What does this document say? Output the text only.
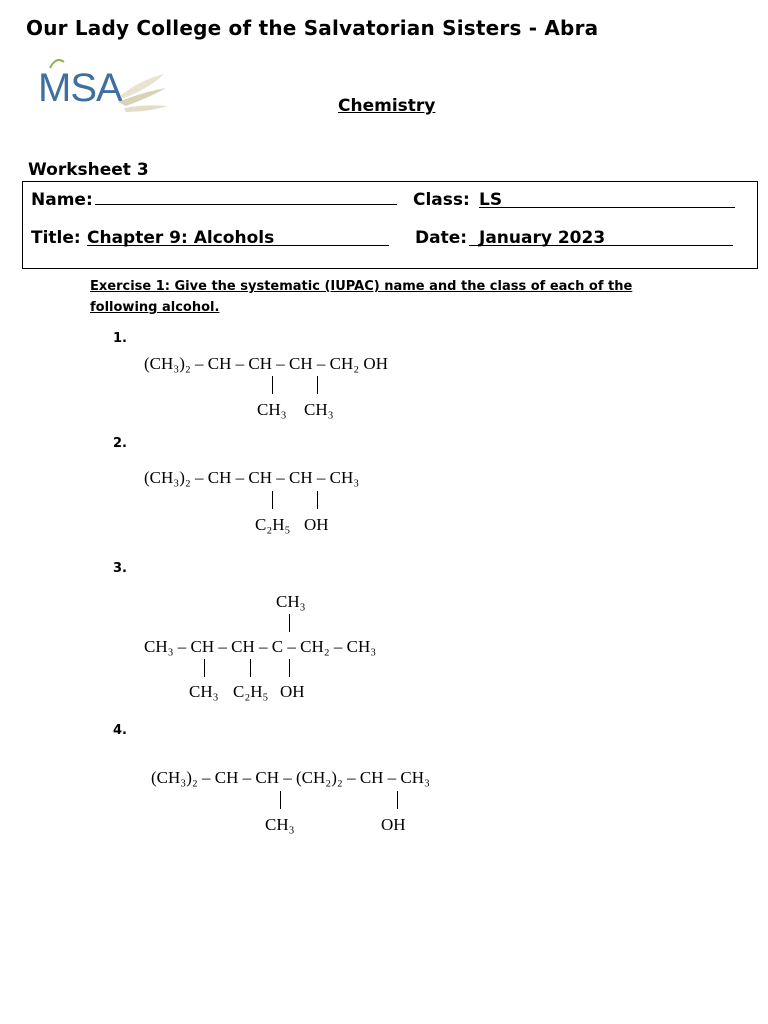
Our Lady College of the Salvatorian Sisters - Abra
MSA	Chemistry
Worksheet 3
Name:	Class: LS
Title: Chapter 9: Alcohols	Date: January 2023
Exercise 1: Give the systematic (IUPAC) name and the class of each of the following alcohol.
1.
(CH₃)₂ – CH – CH – CH – CH₂ OH
CH₃ CH₃
2.
(CH₃)₂ – CH – CH – CH – CH₃
C₂H₅ OH
3.
CH₃
CH₃ – CH – CH – C – CH₂ – CH₃
CH₃ C₂H₅ OH
4.
(CH₃)₂ – CH – CH – (CH₂)₂ – CH – CH₃
CH₃	OH
